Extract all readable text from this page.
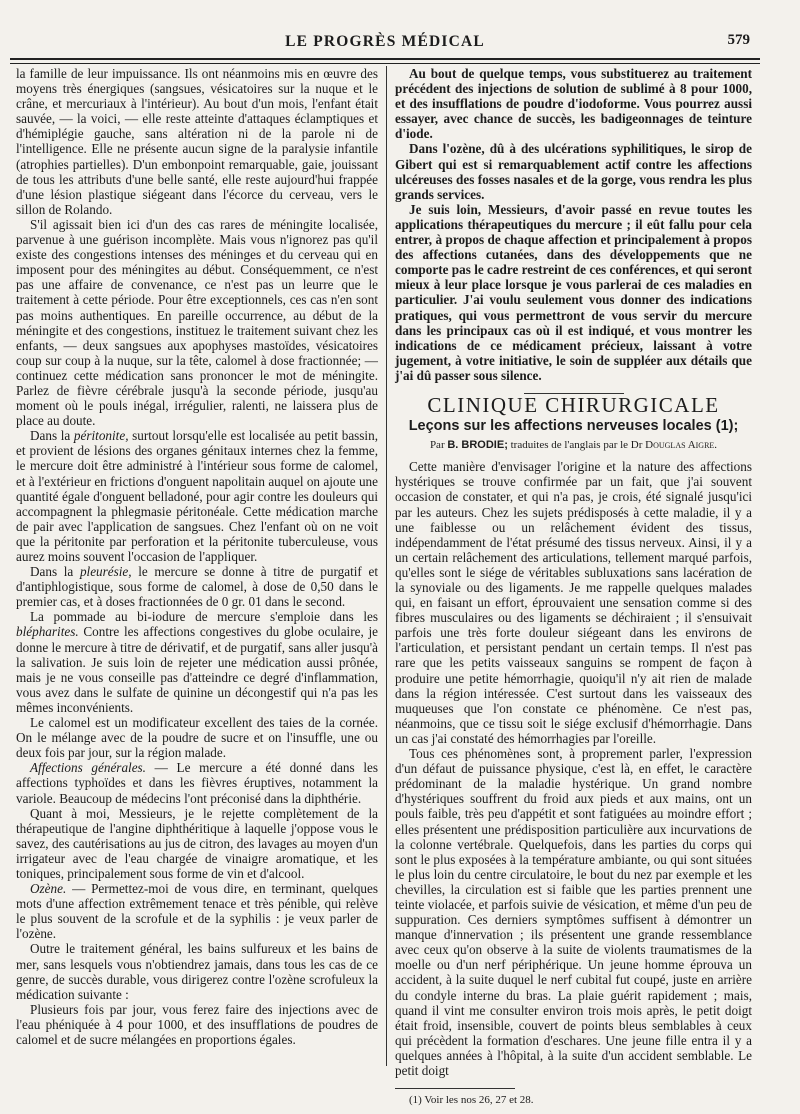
LE PROGRÈS MÉDICAL	579

la famille de leur impuissance. Ils ont néanmoins mis en œuvre des moyens très énergiques (sangsues, vésicatoires sur la nuque et le crâne, et mercuriaux à l'intérieur). Au bout d'un mois, l'enfant était sauvée, — la voici, — elle reste atteinte d'attaques éclamptiques et d'hémiplégie gauche, sans altération ni de la parole ni de l'intelligence. Elle ne présente aucun signe de la paralysie infantile (atrophies partielles). D'un embonpoint remarquable, gaie, jouissant de tous les attributs d'une belle santé, elle reste aujourd'hui frappée d'une lésion plastique siégeant dans l'écorce du cerveau, vers le sillon de Rolando.

S'il agissait bien ici d'un des cas rares de méningite localisée, parvenue à une guérison incomplète. Mais vous n'ignorez pas qu'il existe des congestions intenses des méninges et du cerveau qui en imposent pour des méningites au début. Conséquemment, ce n'est pas une affaire de convenance, ce n'est pas un leurre que le traitement à cette période. Pour être exceptionnels, ces cas n'en sont pas moins authentiques. En pareille occurrence, au début de la méningite et des congestions, instituez le traitement suivant chez les enfants, — deux sangsues aux apophyses mastoïdes, vésicatoires coup sur coup à la nuque, sur la tête, calomel à dose fractionnée; — continuez cette médication sans prononcer le mot de méningite. Parlez de fièvre cérébrale jusqu'à la seconde période, jusqu'au moment où le pouls inégal, irrégulier, ralenti, ne laissera plus de place au doute.

Dans la péritonite, surtout lorsqu'elle est localisée au petit bassin, et provient de lésions des organes génitaux internes chez la femme, le mercure doit être administré à l'intérieur sous forme de calomel, et à l'extérieur en frictions d'onguent napolitain auquel on ajoute une quantité égale d'onguent belladoné, pour agir contre les douleurs qui accompagnent la phlegmasie péritonéale. Cette médication marche de pair avec l'application de sangsues. Chez l'enfant où on ne voit que la péritonite par perforation et la péritonite tuberculeuse, vous aurez moins souvent l'occasion de l'appliquer.

Dans la pleurésie, le mercure se donne à titre de purgatif et d'antiphlogistique, sous forme de calomel, à dose de 0,50 dans le premier cas, et à doses fractionnées de 0 gr. 01 dans le second.

La pommade au bi-iodure de mercure s'emploie dans les blépharites. Contre les affections congestives du globe oculaire, je donne le mercure à titre de dérivatif, et de purgatif, sans aller jusqu'à la salivation. Je suis loin de rejeter une médication aussi prônée, mais je ne vous conseille pas d'atteindre ce degré d'inflammation, vous avez dans le sulfate de quinine un décongestif qui n'a pas les mêmes inconvénients.

Le calomel est un modificateur excellent des taies de la cornée. On le mélange avec de la poudre de sucre et on l'insuffle, une ou deux fois par jour, sur la région malade.

Affections générales. — Le mercure a été donné dans les affections typhoïdes et dans les fièvres éruptives, notamment la variole. Beaucoup de médecins l'ont préconisé dans la diphthérie.

Quant à moi, Messieurs, je le rejette complètement de la thérapeutique de l'angine diphthéritique à laquelle j'oppose vous le savez, des cautérisations au jus de citron, des lavages au moyen d'un irrigateur avec de l'eau chargée de vinaigre aromatique, et les toniques, principalement sous forme de vin et d'alcool.

Ozène. — Permettez-moi de vous dire, en terminant, quelques mots d'une affection extrêmement tenace et très pénible, qui relève le plus souvent de la scrofule et de la syphilis : je veux parler de l'ozène.

Outre le traitement général, les bains sulfureux et les bains de mer, sans lesquels vous n'obtiendrez jamais, dans tous les cas de ce genre, de succès durable, vous dirigerez contre l'ozène scrofuleux la médication suivante :

Plusieurs fois par jour, vous ferez faire des injections avec de l'eau phéniquée à 4 pour 1000, et des insufflations de poudres de calomel et de sucre mélangées en proportions égales.

Au bout de quelque temps, vous substituerez au traitement précédent des injections de solution de sublimé à 8 pour 1000, et des insufflations de poudre d'iodoforme. Vous pourrez aussi essayer, avec chance de succès, les badigeonnages de teinture d'iode.

Dans l'ozène, dû à des ulcérations syphilitiques, le sirop de Gibert qui est si remarquablement actif contre les affections ulcéreuses des fosses nasales et de la gorge, vous rendra les plus grands services.

Je suis loin, Messieurs, d'avoir passé en revue toutes les applications thérapeutiques du mercure ; il eût fallu pour cela entrer, à propos de chaque affection et principalement à propos des affections cutanées, dans des développements que ne comporte pas le cadre restreint de ces conférences, et qui seront mieux à leur place lorsque je vous parlerai de ces maladies en particulier. J'ai voulu seulement vous donner des indications pratiques, qui vous permettront de vous servir du mercure dans les principaux cas où il est indiqué, et vous montrer les indications de ce médicament précieux, laissant à votre jugement, à votre initiative, le soin de suppléer aux détails que j'ai dû passer sous silence.

CLINIQUE CHIRURGICALE
Leçons sur les affections nerveuses locales (1);
Par B. BRODIE; traduites de l'anglais par le Dr Douglas Aigre.

Cette manière d'envisager l'origine et la nature des affections hystériques se trouve confirmée par un fait, que j'ai souvent occasion de constater, et qui n'a pas, je crois, été signalé jusqu'ici par les auteurs. Chez les sujets prédisposés à cette maladie, il y a une faiblesse ou un relâchement évident des tissus, indépendamment de l'état présumé des tissus nerveux. Ainsi, il y a un certain relâchement des articulations, tellement marqué parfois, qu'elles sont le siége de véritables subluxations sans lacération de la synoviale ou des ligaments. Je me rappelle quelques malades qui, en faisant un effort, éprouvaient une sensation comme si des fibres musculaires ou des ligaments se déchiraient ; il s'ensuivait parfois une très forte douleur siégeant dans les environs de l'articulation, et persistant pendant un certain temps. Il n'est pas rare que les petits vaisseaux sanguins se rompent de façon à produire une petite hémorrhagie, quoiqu'il n'y ait rien de malade dans la région intéressée. C'est surtout dans les vaisseaux des muqueuses que l'on constate ce phénomène. Ce n'est pas, néanmoins, que ce tissu soit le siége exclusif d'hémorrhagie. Dans un cas j'ai constaté des hémorrhagies par l'oreille.

Tous ces phénomènes sont, à proprement parler, l'expression d'un défaut de puissance physique, c'est là, en effet, le caractère prédominant de la maladie hystérique. Un grand nombre d'hystériques souffrent du froid aux pieds et aux mains, ont un pouls faible, très peu d'appétit et sont fatiguées au moindre effort ; elles présentent une prédisposition particulière aux incurvations de la colonne vertébrale. Quelquefois, dans les parties du corps qui sont le plus exposées à la température ambiante, ou qui sont situées le plus loin du centre circulatoire, le bout du nez par exemple et les chevilles, la circulation est si faible que les parties prennent une teinte violacée, et parfois suivie de vésication, et même d'un peu de suppuration. Ces derniers symptômes suffisent à démontrer un manque d'innervation ; ils présentent une grande ressemblance avec ceux qu'on observe à la suite de violents traumatismes de la moelle ou d'un nerf périphérique. Un jeune homme éprouva un accident, à la suite duquel le nerf cubital fut coupé, juste en arrière du condyle interne du bras. La plaie guérit rapidement ; mais, quand il vint me consulter environ trois mois après, le petit doigt était froid, insensible, couvert de points bleus semblables à ceux qui précèdent la formation d'eschares. Une jeune fille entra il y a quelques années à l'hôpital, à la suite d'un accident semblable. Le petit doigt

(1) Voir les nos 26, 27 et 28.
